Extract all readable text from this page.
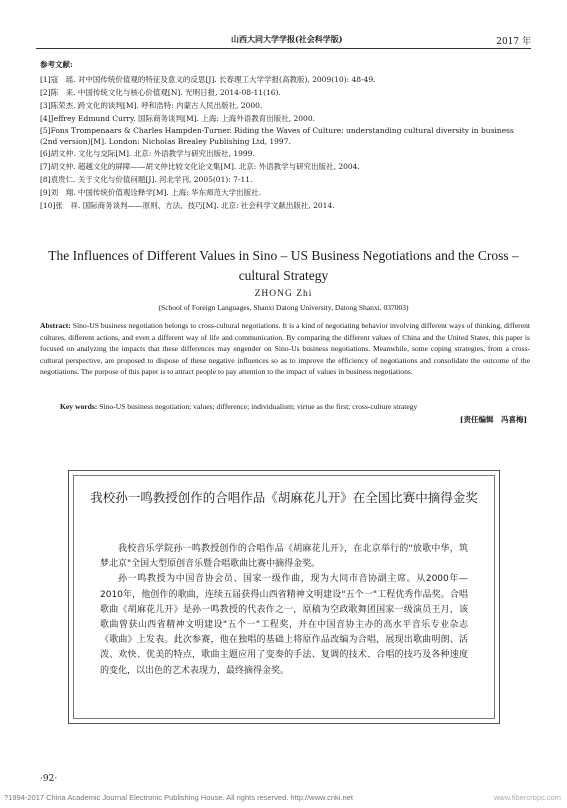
山西大同大学学报(社会科学版)	2017 年
参考文献:
[1]寇　瑶. 对中国传统价值观的特征及意义的反思[J]. 长春理工大学学报(高教版), 2009(10): 48-49.
[2]陈　来. 中国传统文化与核心价值观[N]. 光明日报, 2014-08-11(16).
[3]陈荣杰. 跨文化的谈判[M]. 呼和浩特: 内蒙古人民出版社, 2000.
[4]Jeffrey Edmund Curry. 国际商务谈判[M]. 上海: 上海外语教育出版社, 2000.
[5]Fons Trompenaars & Charles Hampden-Turner. Riding the Waves of Culture: understanding cultural diversity in business (2nd version)[M]. London: Nicholas Brealey Publishing Ltd, 1997.
[6]胡文仲. 文化与交际[M]. 北京: 外语教学与研究出版社, 1999.
[7]胡文仲. 超越文化的屏障——胡文仲比较文化论文集[M]. 北京: 外语教学与研究出版社, 2004.
[8]袁贵仁. 关于文化与价值问题[J]. 河北学刊, 2005(01): 7-11.
[9]刘　翔. 中国传统价值观诠释学[M]. 上海: 华东师范大学出版社.
[10]张　祥. 国际商务谈判——原则、方法、技巧[M]. 北京: 社会科学文献出版社, 2014.
The Influences of Different Values in Sino – US Business Negotiations and the Cross – cultural Strategy
ZHONG Zhi
(School of Foreign Languages, Shanxi Datong University, Datong Shanxi, 037003)
Abstract: Sino-US business negotiation belongs to cross-cultural negotiations. It is a kind of negotiating behavior involving different ways of thinking, different cultures, different actions, and even a different way of life and communication. By comparing the different values of China and the United States, this paper is focused on analyzing the impacts that these differences may engender on Sino-Us business negotiations. Meanwhile, some coping strategies, from a cross-cultural perspective, are proposed to dispose of these negative influences so as to improve the efficiency of negotiations and consolidate the outcome of the negotiations. The purpose of this paper is to attract people to pay attention to the impact of values in business negotiations.
Key words: Sino-US business negotiation; values; difference; individualism; virtue as the first; cross-culture strategy
[责任编辑　冯喜梅]
我校孙一鸣教授创作的合唱作品《胡麻花儿开》在全国比赛中摘得金奖

我校音乐学院孙一鸣教授创作的合唱作品《胡麻花儿开》，在北京举行的"放歌中华，筑梦北京"全国大型原创音乐暨合唱歌曲比赛中摘得金奖。

孙一鸣教授为中国音协会员、国家一级作曲，现为大同市音协副主席。从2000年—2010年，他创作的歌曲，连续五届获得山西省精神文明建设"五个一"工程优秀作品奖。合唱歌曲《胡麻花儿开》是孙一鸣教授的代表作之一，原稿为空政歌舞团国家一级演员王月，该歌曲曾获山西省精神文明建设"五个一"工程奖，并在中国音协主办的高水平音乐专业杂志《歌曲》上发表。此次参赛，他在独唱的基础上将原作品改编为合唱，展现出歌曲明朗、活泼、欢快、优美的特点，歌曲主题应用了变奏的手法、复调的技术、合唱的技巧及各种速度的变化，以出色的艺术表现力，最终摘得金奖。

·92·
?1994-2017 China Academic Journal Electronic Publishing House. All rights reserved. http://www.cnki.net	www.fibercrops.com
